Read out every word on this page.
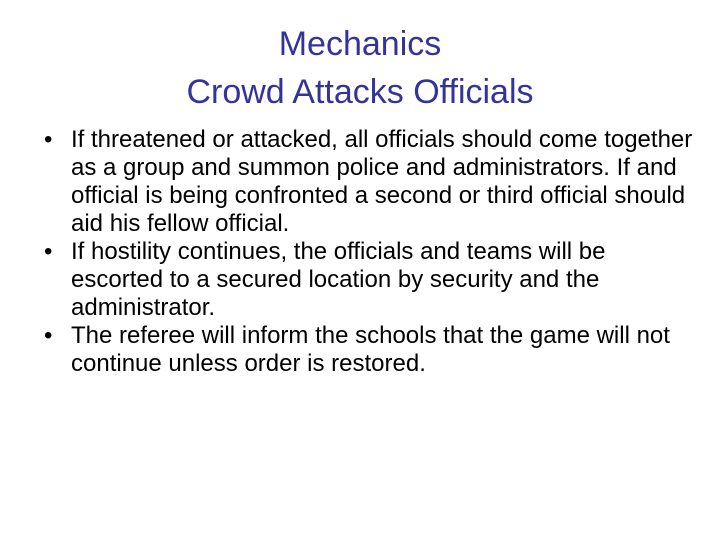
Mechanics
Crowd Attacks Officials
• If threatened or attacked, all officials should come together as a group and summon police and administrators. If and official is being confronted a second or third official should aid his fellow official.
• If hostility continues, the officials and teams will be escorted to a secured location by security and the administrator.
• The referee will inform the schools that the game will not continue unless order is restored.
